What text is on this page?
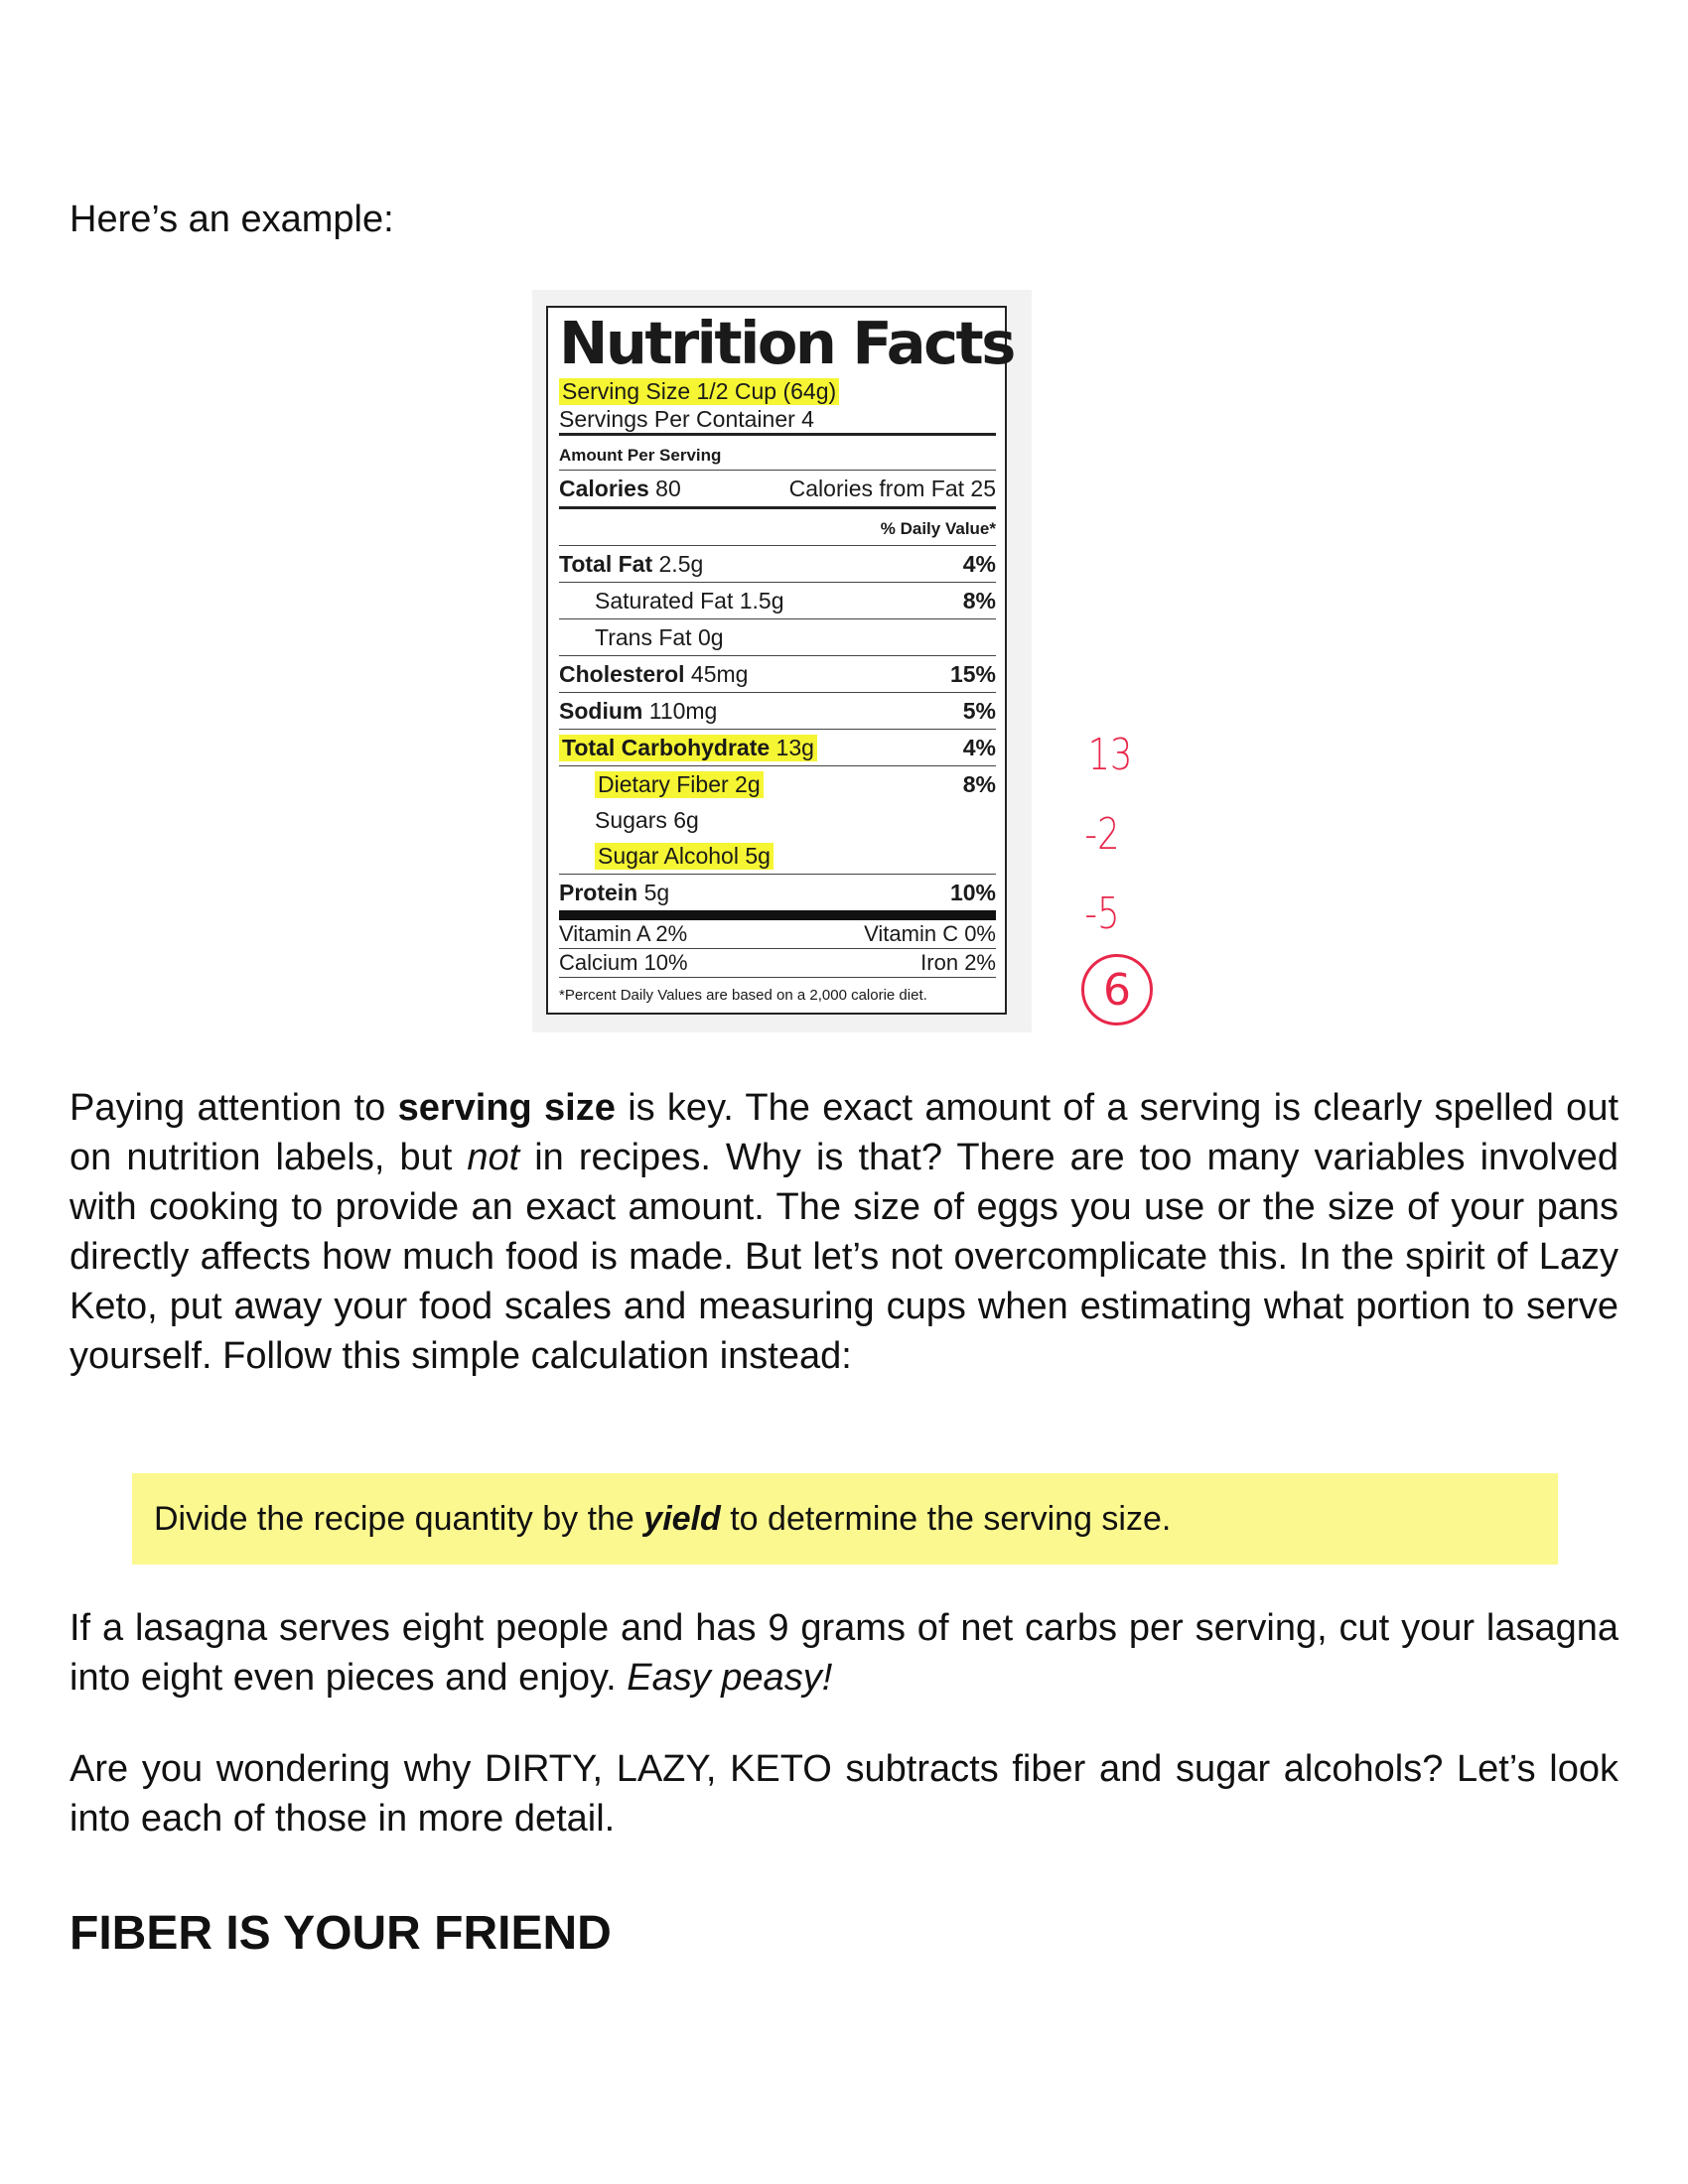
Here’s an example:

Nutrition Facts
Serving Size 1/2 Cup (64g)
Servings Per Container 4
Amount Per Serving
Calories 80	Calories from Fat 25
% Daily Value*
Total Fat 2.5g	4%
Saturated Fat 1.5g	8%
Trans Fat 0g
Cholesterol 45mg	15%
Sodium 110mg	5%
Total Carbohydrate 13g	4%
Dietary Fiber 2g	8%
Sugars 6g
Sugar Alcohol 5g
Protein 5g	10%
Vitamin A 2%	Vitamin C 0%
Calcium 10%	Iron 2%
*Percent Daily Values are based on a 2,000 calorie diet.
13
-2
-5
6

Paying attention to serving size is key. The exact amount of a serving is clearly spelled out on nutrition labels, but not in recipes. Why is that? There are too many variables involved with cooking to provide an exact amount. The size of eggs you use or the size of your pans directly affects how much food is made. But let’s not overcomplicate this. In the spirit of Lazy Keto, put away your food scales and measuring cups when estimating what portion to serve yourself. Follow this simple calculation instead:

Divide the recipe quantity by the yield to determine the serving size.

If a lasagna serves eight people and has 9 grams of net carbs per serving, cut your lasagna into eight even pieces and enjoy. Easy peasy!

Are you wondering why DIRTY, LAZY, KETO subtracts fiber and sugar alcohols? Let’s look into each of those in more detail.

FIBER IS YOUR FRIEND
